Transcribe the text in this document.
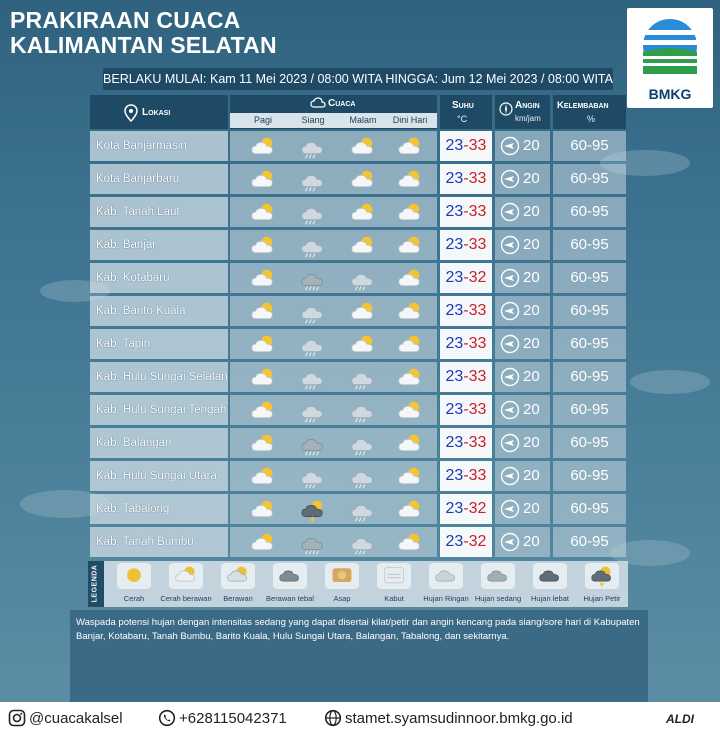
PRAKIRAAN CUACA
KALIMANTAN SELATAN
BMKG
BERLAKU MULAI: Kam 11 Mei 2023 / 08:00 WITA HINGGA: Jum 12 Mei 2023 / 08:00 WITA
Lokasi
Cuaca
Pagi	Siang	Malam	Dini Hari
Suhu
°C
Angin
km/jam
Kelembaban
%
Kota Banjarmasin	23-33	20	60-95
Kota Banjarbaru	23-33	20	60-95
Kab. Tanah Laut	23-33	20	60-95
Kab. Banjar	23-33	20	60-95
Kab. Kotabaru	23-32	20	60-95
Kab. Barito Kuala	23-33	20	60-95
Kab. Tapin	23-33	20	60-95
Kab. Hulu Sungai Selatan	23-33	20	60-95
Kab. Hulu Sungai Tengah	23-33	20	60-95
Kab. Balangan	23-33	20	60-95
Kab. Hulu Sungai Utara	23-33	20	60-95
Kab. Tabalong	23-32	20	60-95
Kab. Tanah Bumbu	23-32	20	60-95
LEGENDA	Cerah	Cerah berawan	Berawan	Berawan tebal	Asap	Kabut	Hujan Ringan Hujan sedang	Hujan lebat	Hujan Petir
Waspada potensi hujan dengan intensitas sedang yang dapat disertai kilat/petir dan angin kencang pada siang/sore hari di Kabupaten Banjar, Kotabaru, Tanah Bumbu, Barito Kuala, Hulu Sungai Utara, Balangan, Tabalong, dan sekitarnya.
@cuacakalsel	+628115042371	stamet.syamsudinnoor.bmkg.go.id	ALDI
